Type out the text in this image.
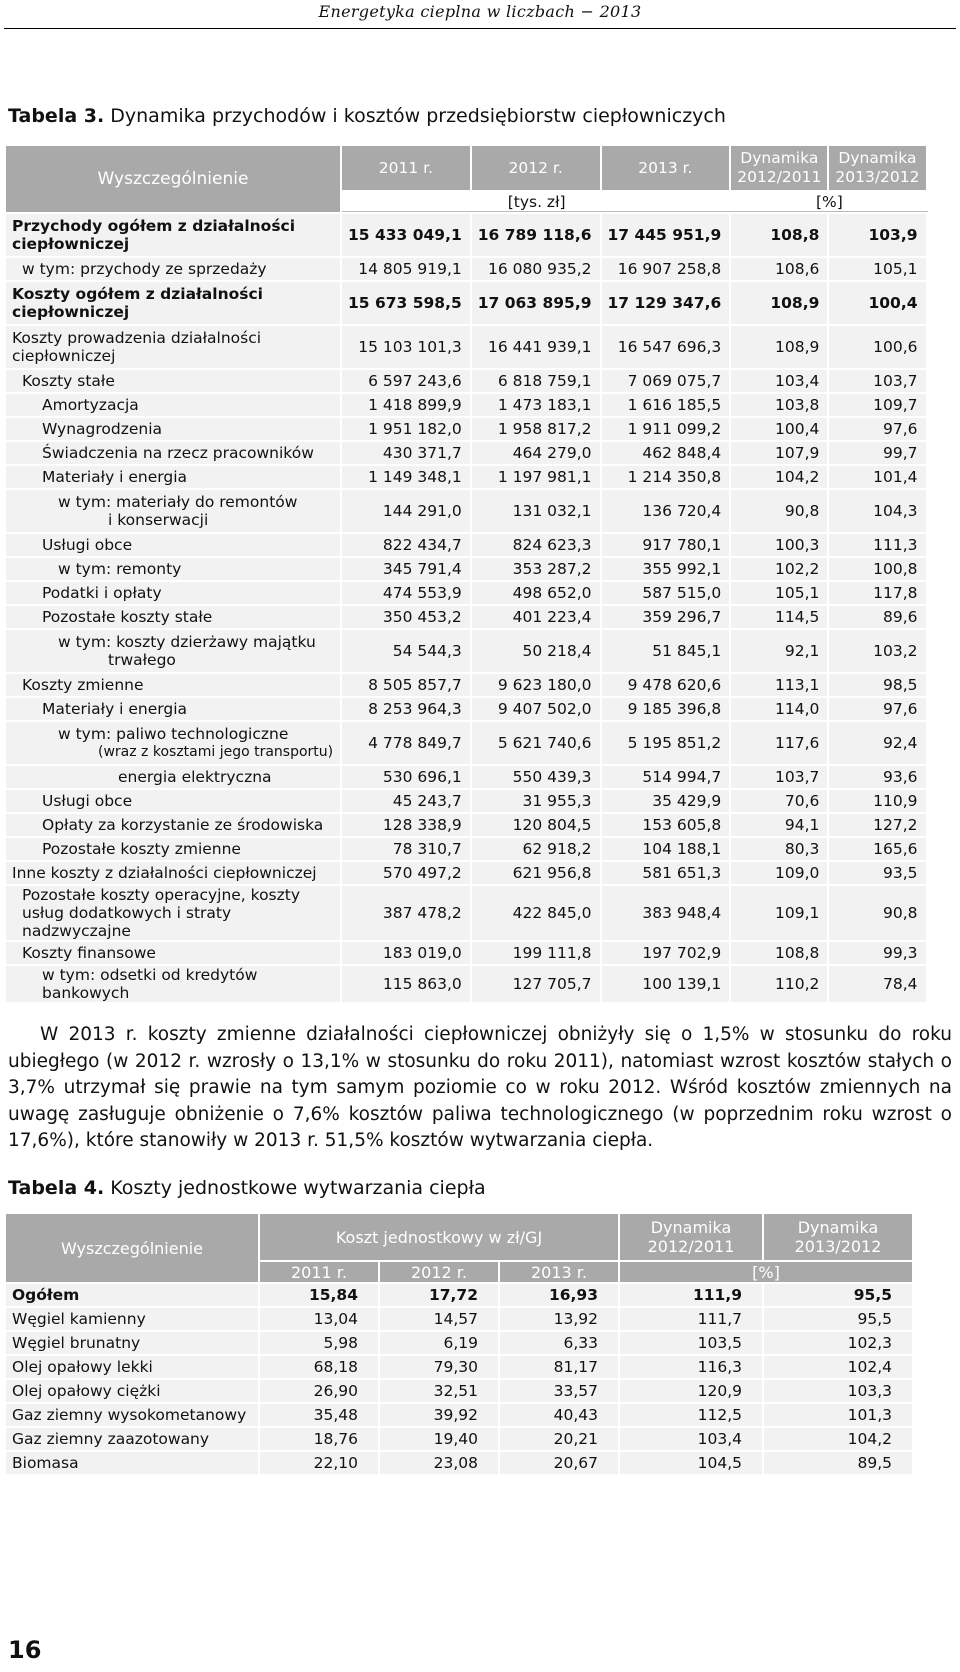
Energetyka cieplna w liczbach − 2013
Tabela 3. Dynamika przychodów i kosztów przedsiębiorstw ciepłowniczych
Wyszczególnienie	2011 r.	2012 r.	2013 r.	Dynamika 2012/2011	Dynamika 2013/2012
	[tys. zł]			[%]	
Przychody ogółem z działalności ciepłowniczej	15 433 049,1	16 789 118,6	17 445 951,9	108,8	103,9
w tym: przychody ze sprzedaży	14 805 919,1	16 080 935,2	16 907 258,8	108,6	105,1
Koszty ogółem z działalności ciepłowniczej	15 673 598,5	17 063 895,9	17 129 347,6	108,9	100,4
Koszty prowadzenia działalności ciepłowniczej	15 103 101,3	16 441 939,1	16 547 696,3	108,9	100,6
Koszty stałe	6 597 243,6	6 818 759,1	7 069 075,7	103,4	103,7
Amortyzacja	1 418 899,9	1 473 183,1	1 616 185,5	103,8	109,7
Wynagrodzenia	1 951 182,0	1 958 817,2	1 911 099,2	100,4	97,6
Świadczenia na rzecz pracowników	430 371,7	464 279,0	462 848,4	107,9	99,7
Materiały i energia	1 149 348,1	1 197 981,1	1 214 350,8	104,2	101,4
w tym: materiały do remontów
i konserwacji	144 291,0	131 032,1	136 720,4	90,8	104,3
Usługi obce	822 434,7	824 623,3	917 780,1	100,3	111,3
w tym: remonty	345 791,4	353 287,2	355 992,1	102,2	100,8
Podatki i opłaty	474 553,9	498 652,0	587 515,0	105,1	117,8
Pozostałe koszty stałe	350 453,2	401 223,4	359 296,7	114,5	89,6
w tym: koszty dzierżawy majątku
trwałego	54 544,3	50 218,4	51 845,1	92,1	103,2
Koszty zmienne	8 505 857,7	9 623 180,0	9 478 620,6	113,1	98,5
Materiały i energia	8 253 964,3	9 407 502,0	9 185 396,8	114,0	97,6
w tym: paliwo technologiczne
(wraz z kosztami jego transportu)	4 778 849,7	5 621 740,6	5 195 851,2	117,6	92,4
energia elektryczna	530 696,1	550 439,3	514 994,7	103,7	93,6
Usługi obce	45 243,7	31 955,3	35 429,9	70,6	110,9
Opłaty za korzystanie ze środowiska	128 338,9	120 804,5	153 605,8	94,1	127,2
Pozostałe koszty zmienne	78 310,7	62 918,2	104 188,1	80,3	165,6
Inne koszty z działalności ciepłowniczej	570 497,2	621 956,8	581 651,3	109,0	93,5
Pozostałe koszty operacyjne, koszty usług dodatkowych i straty nadzwyczajne	387 478,2	422 845,0	383 948,4	109,1	90,8
Koszty finansowe	183 019,0	199 111,8	197 702,9	108,8	99,3
w tym: odsetki od kredytów bankowych	115 863,0	127 705,7	100 139,1	110,2	78,4
W 2013 r. koszty zmienne działalności ciepłowniczej obniżyły się o 1,5% w stosunku do roku ubiegłego (w 2012 r. wzrosły o 13,1% w stosunku do roku 2011), natomiast wzrost kosztów stałych o 3,7% utrzymał się prawie na tym samym poziomie co w roku 2012. Wśród kosztów zmiennych na uwagę zasługuje obniżenie o 7,6% kosztów paliwa technologicznego (w poprzednim roku wzrost o 17,6%), które stanowiły w 2013 r. 51,5% kosztów wytwarzania ciepła.
Tabela 4. Koszty jednostkowe wytwarzania ciepła
Wyszczególnienie	Koszt jednostkowy w zł/GJ			Dynamika 2012/2011	Dynamika 2013/2012
	2011 r.	2012 r.	2013 r.	[%]	
Ogółem	15,84	17,72	16,93	111,9	95,5
Węgiel kamienny	13,04	14,57	13,92	111,7	95,5
Węgiel brunatny	5,98	6,19	6,33	103,5	102,3
Olej opałowy lekki	68,18	79,30	81,17	116,3	102,4
Olej opałowy ciężki	26,90	32,51	33,57	120,9	103,3
Gaz ziemny wysokometanowy	35,48	39,92	40,43	112,5	101,3
Gaz ziemny zaazotowany	18,76	19,40	20,21	103,4	104,2
Biomasa	22,10	23,08	20,67	104,5	89,5
16
